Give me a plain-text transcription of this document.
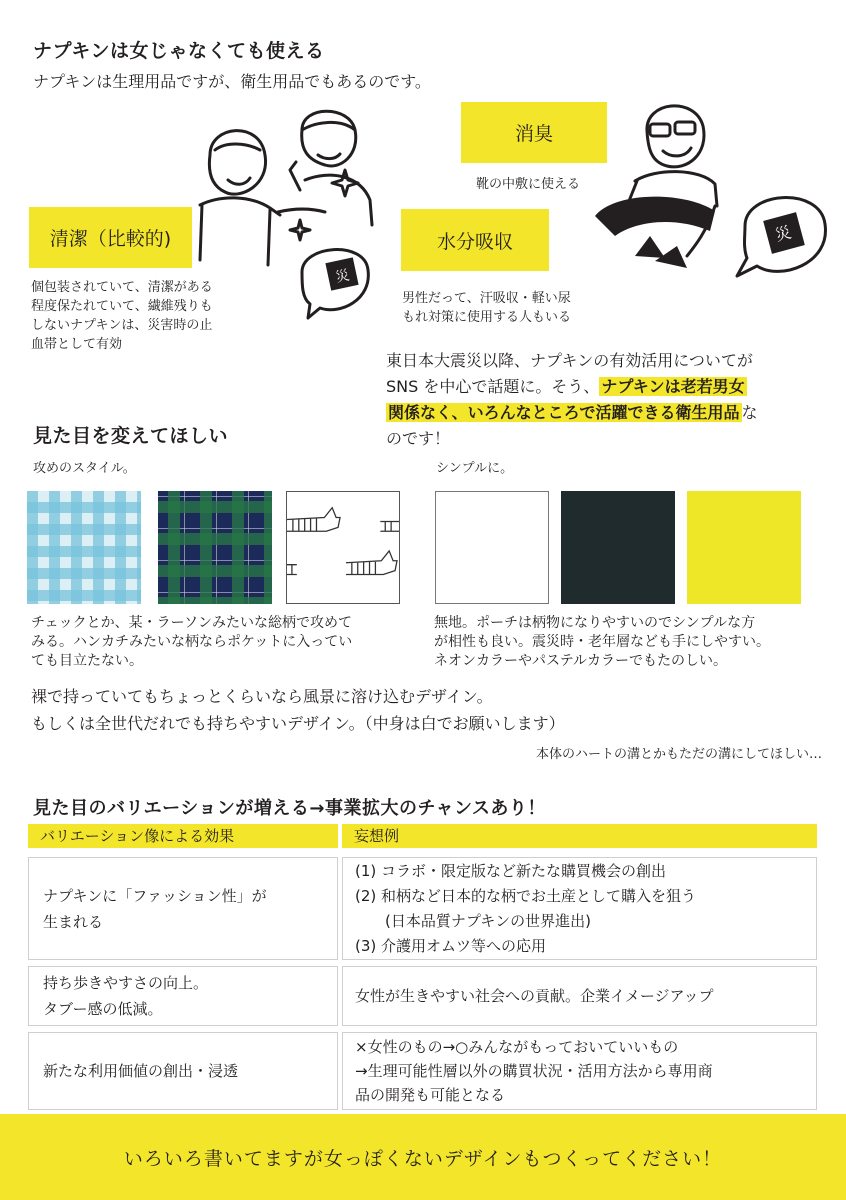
ナプキンは女じゃなくても使える
ナプキンは生理用品ですが、衛生用品でもあるのです。
災
災
消臭
靴の中敷に使える
清潔（比較的)
個包装されていて、清潔がある
程度保たれていて、繊維残りも
しないナプキンは、災害時の止
血帯として有効
水分吸収
男性だって、汗吸収・軽い尿
もれ対策に使用する人もいる
東日本大震災以降、ナプキンの有効活用についてが
SNS を中心で話題に。そう、 ナプキンは老若男女
関係なく、いろんなところで活躍できる衛生用品 な
のです！
見た目を変えてほしい
攻めのスタイル。	シンプルに。
チェックとか、某・ラーソンみたいな総柄で攻めて
みる。ハンカチみたいな柄ならポケットに入ってい
ても目立たない。
無地。ポーチは柄物になりやすいのでシンプルな方
が相性も良い。震災時・老年層なども手にしやすい。
ネオンカラーやパステルカラーでもたのしい。
裸で持っていてもちょっとくらいなら風景に溶け込むデザイン。
もしくは全世代だれでも持ちやすいデザイン。（中身は白でお願いします）
本体のハートの溝とかもただの溝にしてほしい…
見た目のバリエーションが増える→事業拡大のチャンスあり！
バリエーション像による効果	妄想例
ナプキンに「ファッション性」が
生まれる
(1) コラボ・限定版など新たな購買機会の創出
(2) 和柄など日本的な柄でお土産として購入を狙う
　　(日本品質ナプキンの世界進出)
(3) 介護用オムツ等への応用
持ち歩きやすさの向上。
タブー感の低減。
女性が生きやすい社会への貢献。企業イメージアップ
新たな利用価値の創出・浸透
×女性のもの→○みんながもっておいていいもの
→生理可能性層以外の購買状況・活用方法から専用商
品の開発も可能となる
いろいろ書いてますが女っぽくないデザインもつくってください！
